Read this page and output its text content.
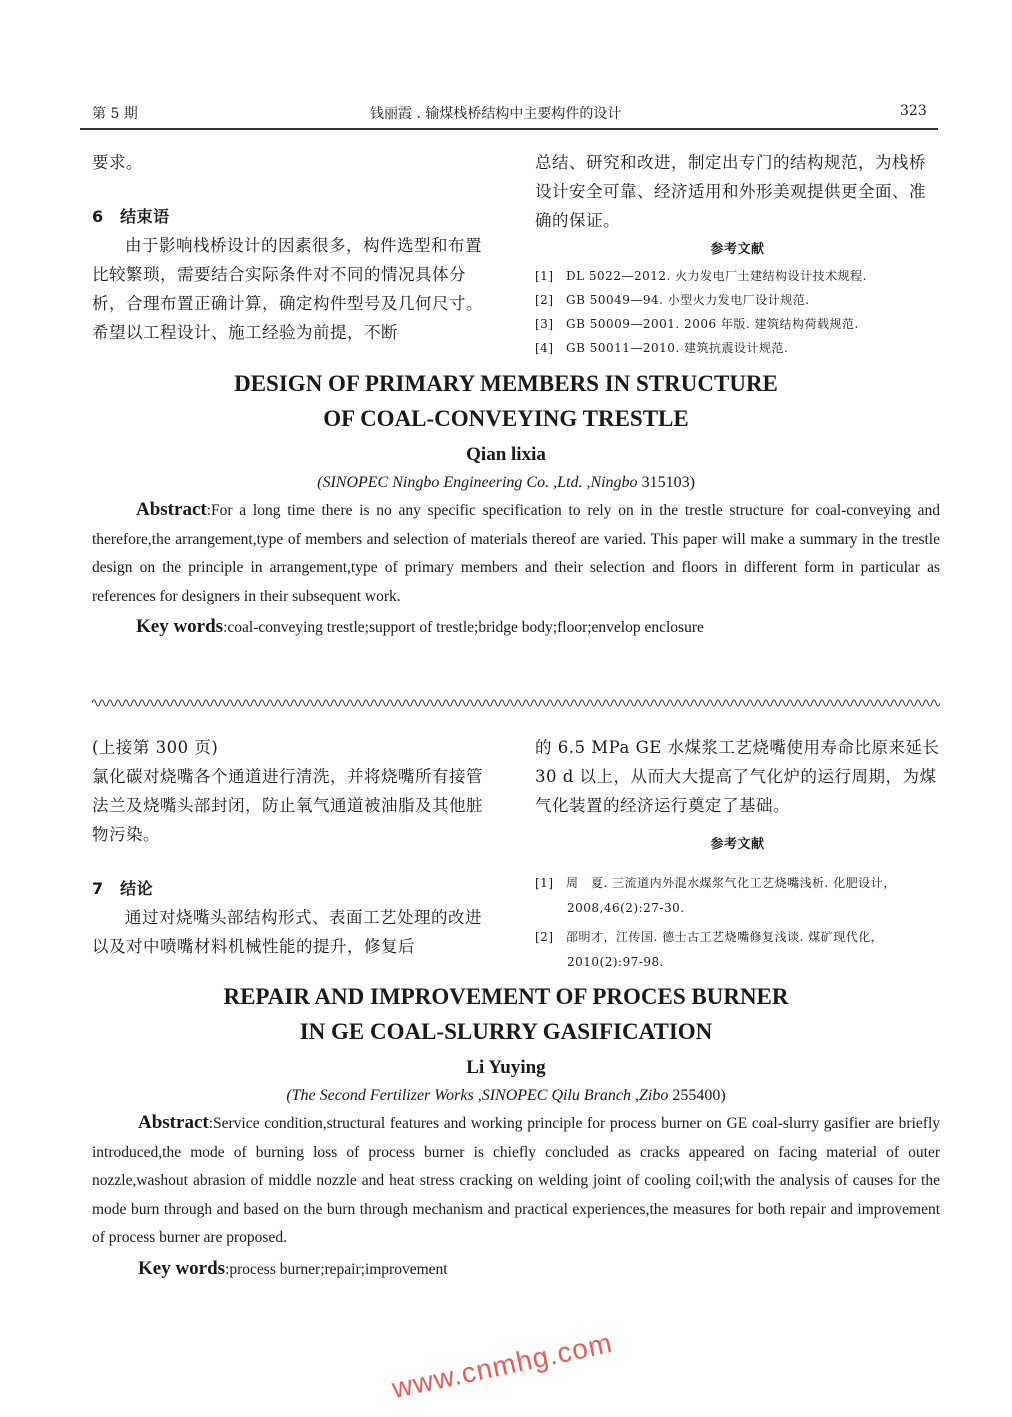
第 5 期	钱丽霞 . 输煤栈桥结构中主要构件的设计	323

要求。

6　结束语

由于影响栈桥设计的因素很多，构件选型和布置比较繁琐，需要结合实际条件对不同的情况具体分析，合理布置正确计算，确定构件型号及几何尺寸。希望以工程设计、施工经验为前提，不断

总结、研究和改进，制定出专门的结构规范，为栈桥设计安全可靠、经济适用和外形美观提供更全面、准确的保证。

参考文献

[1]　DL 5022—2012. 火力发电厂土建结构设计技术规程.

[2]　GB 50049—94. 小型火力发电厂设计规范.

[3]　GB 50009—2001. 2006 年版. 建筑结构荷载规范.

[4]　GB 50011—2010. 建筑抗震设计规范.

DESIGN OF PRIMARY MEMBERS IN STRUCTURE
OF COAL-CONVEYING TRESTLE
Qian lixia
(SINOPEC Ningbo Engineering Co. ,Ltd. ,Ningbo 315103)
Abstract:For a long time there is no any specific specification to rely on in the trestle structure for coal-conveying and therefore,the arrangement,type of members and selection of materials thereof are varied. This paper will make a summary in the trestle design on the principle in arrangement,type of primary members and their selection and floors in different form in particular as references for designers in their subsequent work.
Key words:coal-conveying trestle;support of trestle;bridge body;floor;envelop enclosure

(上接第 300 页)

氯化碳对烧嘴各个通道进行清洗，并将烧嘴所有接管法兰及烧嘴头部封闭，防止氧气通道被油脂及其他脏物污染。

7　结论

通过对烧嘴头部结构形式、表面工艺处理的改进以及对中喷嘴材料机械性能的提升，修复后

的 6.5 MPa GE 水煤浆工艺烧嘴使用寿命比原来延长 30 d 以上，从而大大提高了气化炉的运行周期，为煤气化装置的经济运行奠定了基础。

参考文献

[1]　周　夏. 三流道内外混水煤浆气化工艺烧嘴浅析. 化肥设计，2008,46(2):27-30.

[2]　邵明才，江传国. 德士古工艺烧嘴修复浅谈. 煤矿现代化，2010(2):97-98.

REPAIR AND IMPROVEMENT OF PROCES BURNER
IN GE COAL-SLURRY GASIFICATION
Li Yuying
(The Second Fertilizer Works ,SINOPEC Qilu Branch ,Zibo 255400)
Abstract:Service condition,structural features and working principle for process burner on GE coal-slurry gasifier are briefly introduced,the mode of burning loss of process burner is chiefly concluded as cracks appeared on facing material of outer nozzle,washout abrasion of middle nozzle and heat stress cracking on welding joint of cooling coil;with the analysis of causes for the mode burn through and based on the burn through mechanism and practical experiences,the measures for both repair and improvement of process burner are proposed.
Key words:process burner;repair;improvement
www.cnmhg.com
